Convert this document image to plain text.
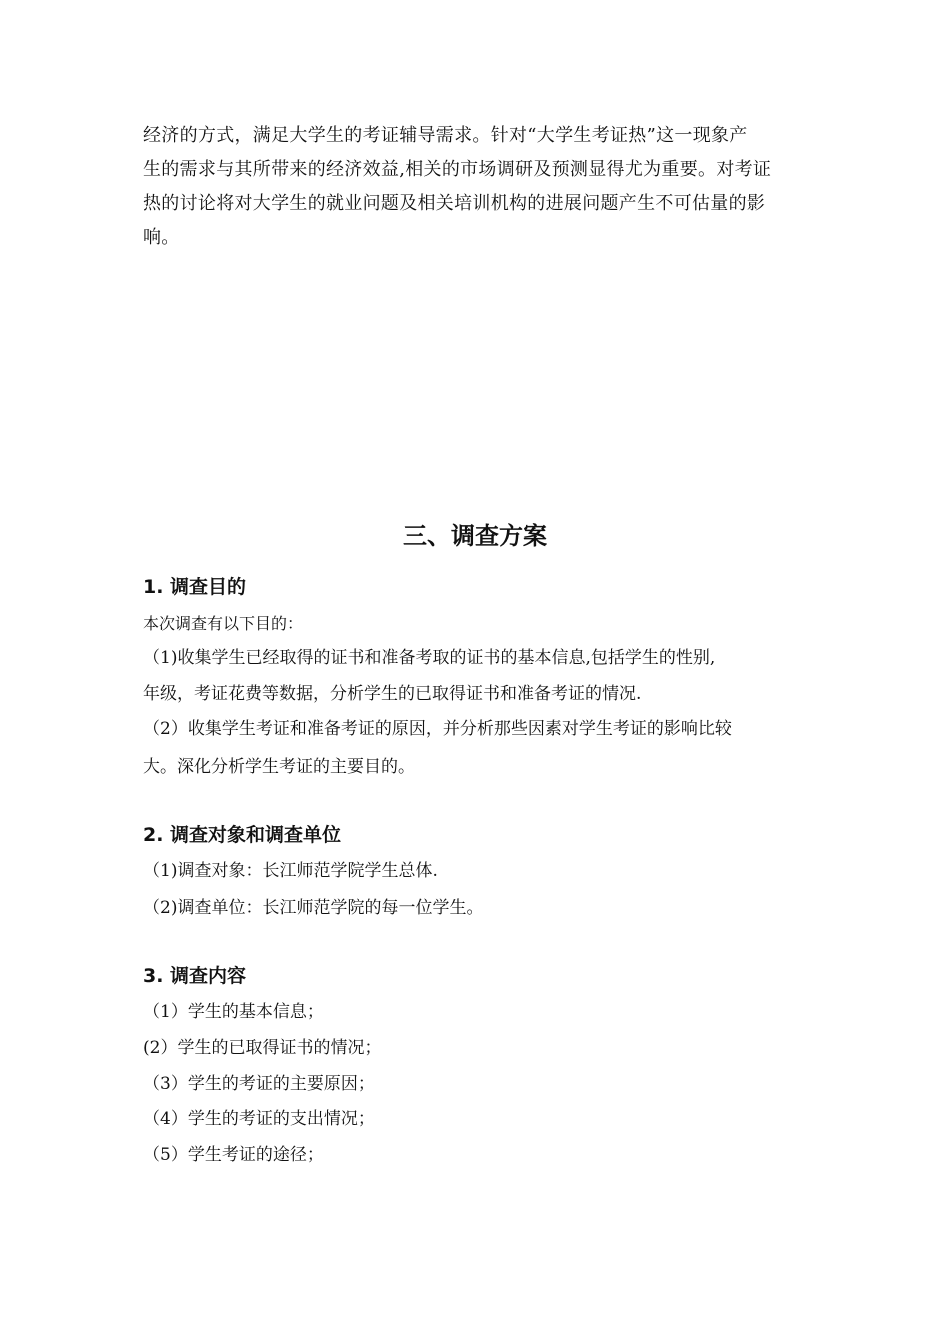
经济的方式，满足大学生的考证辅导需求。针对“大学生考证热”这一现象产
生的需求与其所带来的经济效益,相关的市场调研及预测显得尤为重要。对考证
热的讨论将对大学生的就业问题及相关培训机构的进展问题产生不可估量的影
响。

三、调查方案
1. 调查目的

本次调查有以下目的：

（1)收集学生已经取得的证书和准备考取的证书的基本信息,包括学生的性别,

年级，考证花费等数据，分析学生的已取得证书和准备考证的情况.

（2）收集学生考证和准备考证的原因，并分析那些因素对学生考证的影响比较

大。深化分析学生考证的主要目的。

2. 调查对象和调查单位

（1)调查对象：长江师范学院学生总体.

（2)调查单位：长江师范学院的每一位学生。

3. 调查内容

（1）学生的基本信息；

(2）学生的已取得证书的情况；

（3）学生的考证的主要原因；

（4）学生的考证的支出情况；

（5）学生考证的途径；
